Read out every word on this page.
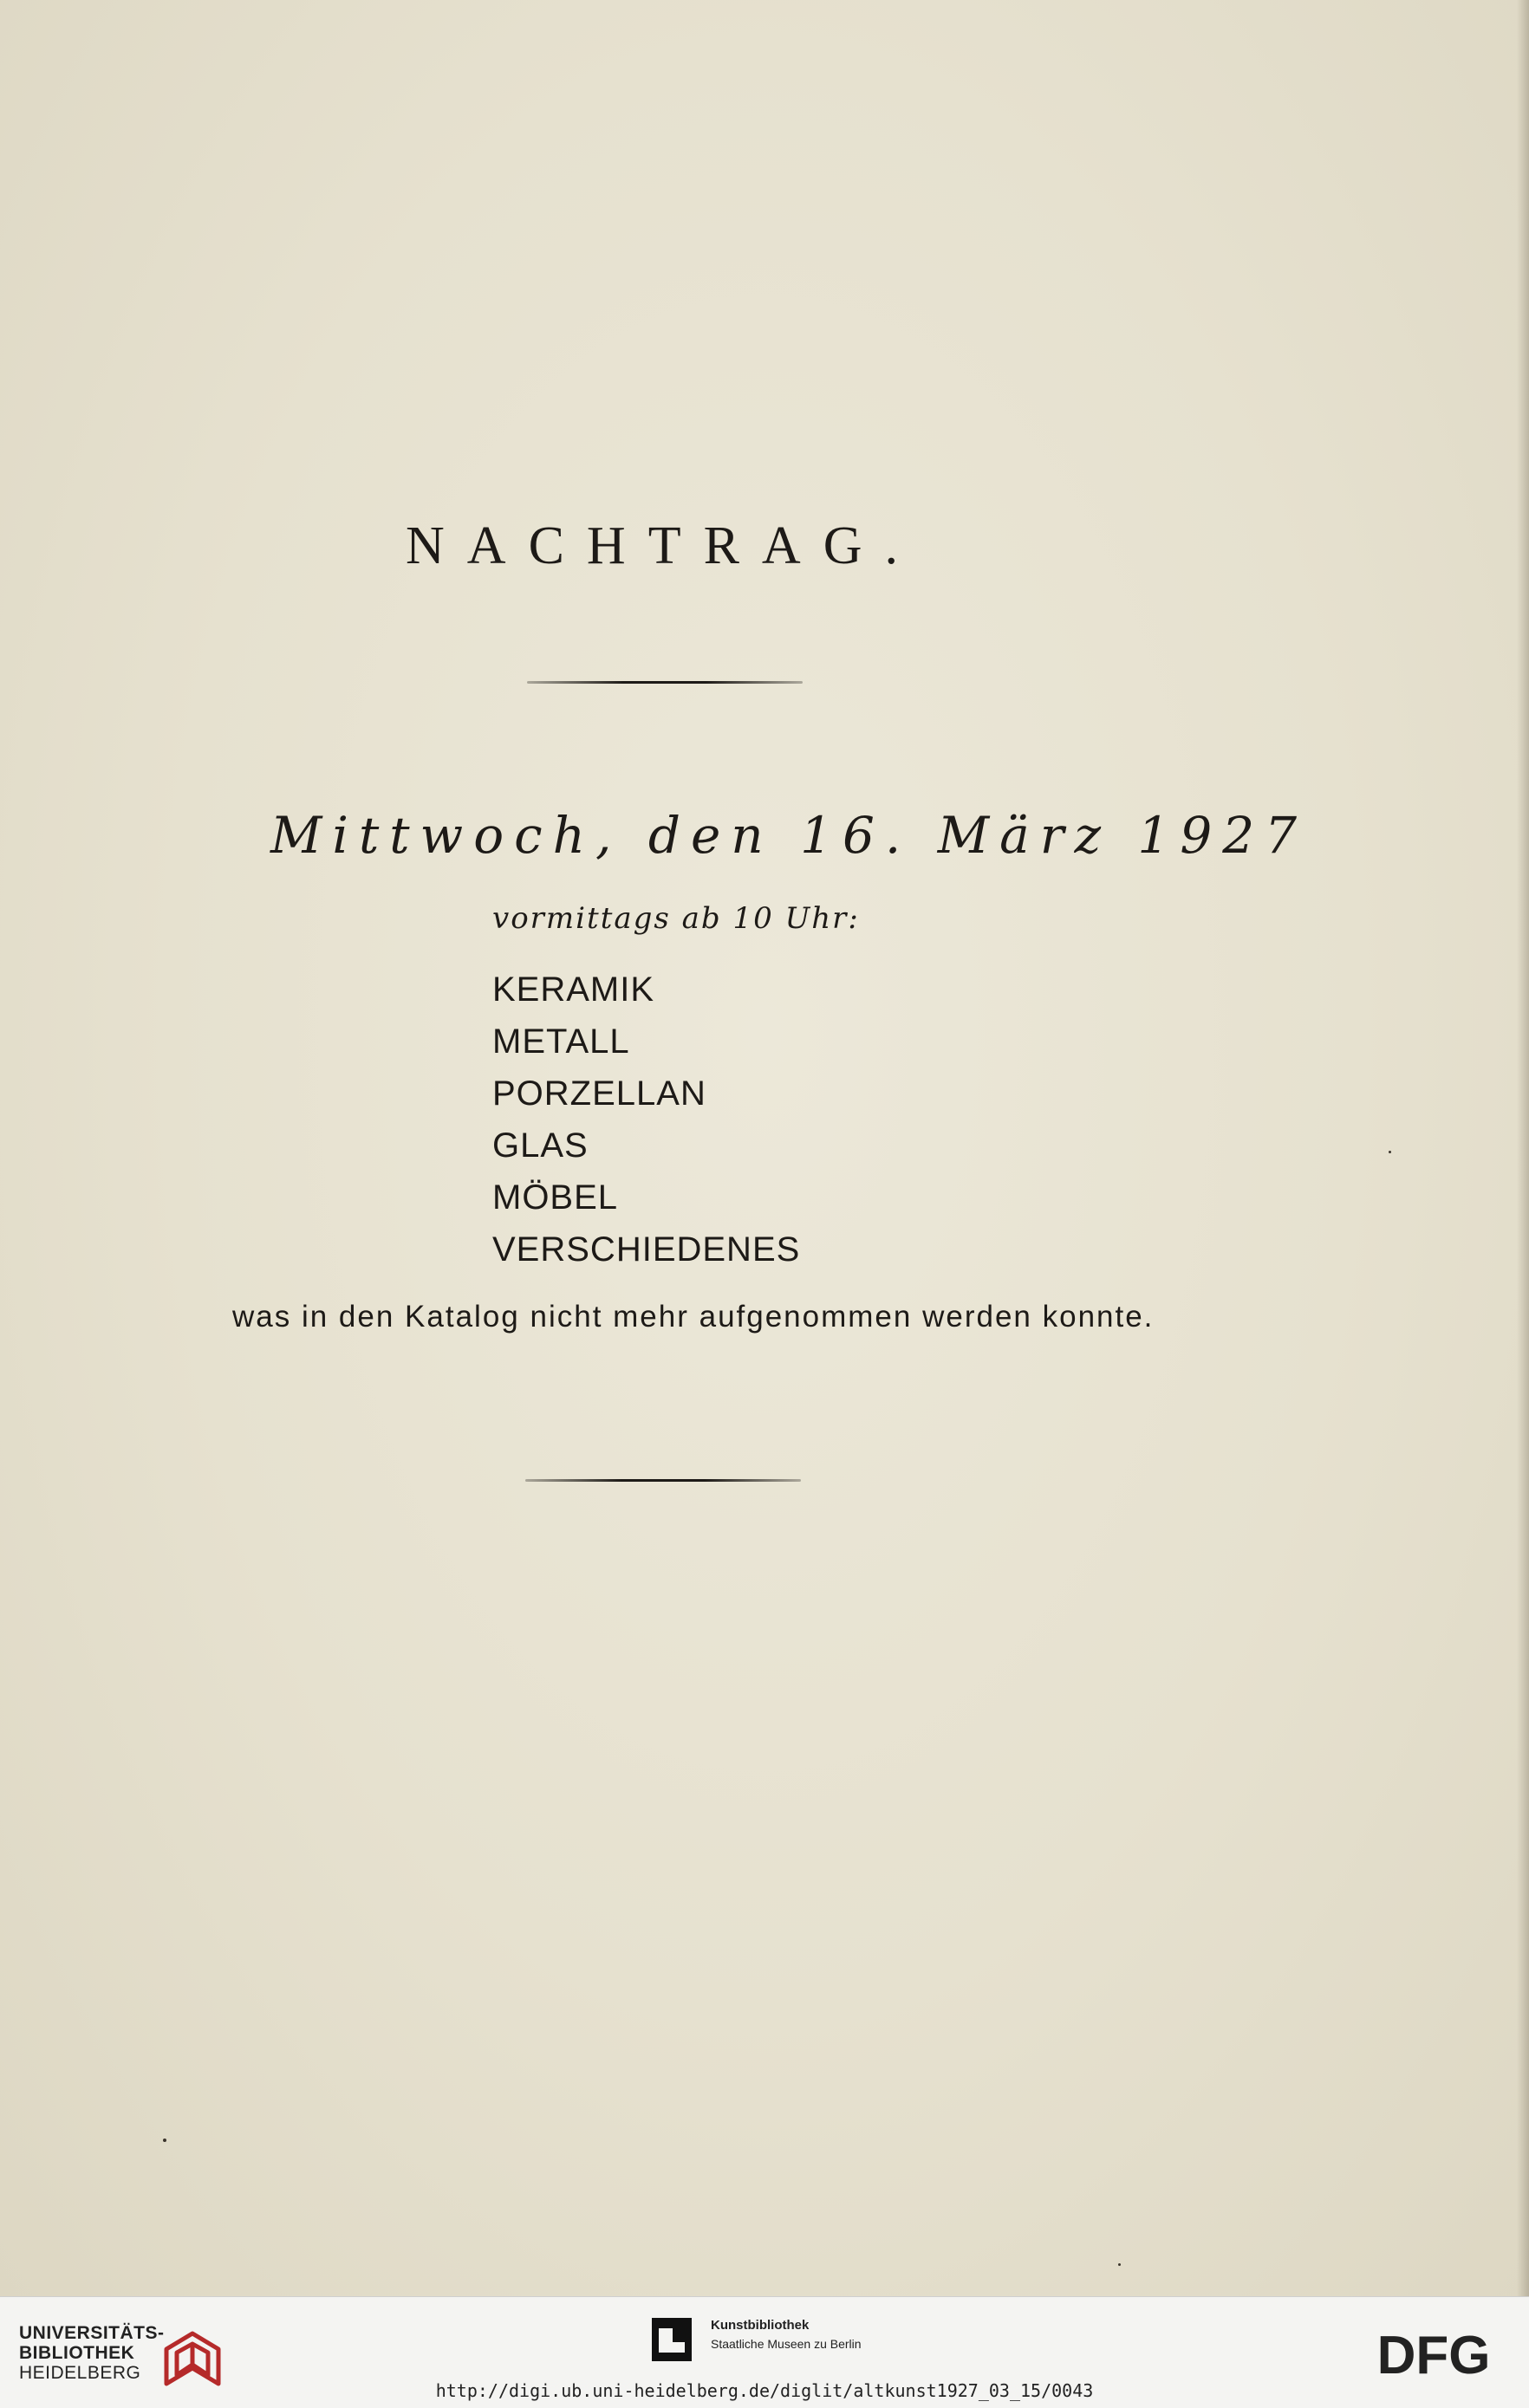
NACHTRAG.
Mittwoch, den 16. März 1927
vormittags ab 10 Uhr:
KERAMIK
METALL
PORZELLAN
GLAS
MÖBEL
VERSCHIEDENES
was in den Katalog nicht mehr aufgenommen werden konnte.
UNIVERSITÄTS-
BIBLIOTHEK
HEIDELBERG
Kunstbibliothek
Staatliche Museen zu Berlin	DFG
http://digi.ub.uni-heidelberg.de/diglit/altkunst1927_03_15/0043
